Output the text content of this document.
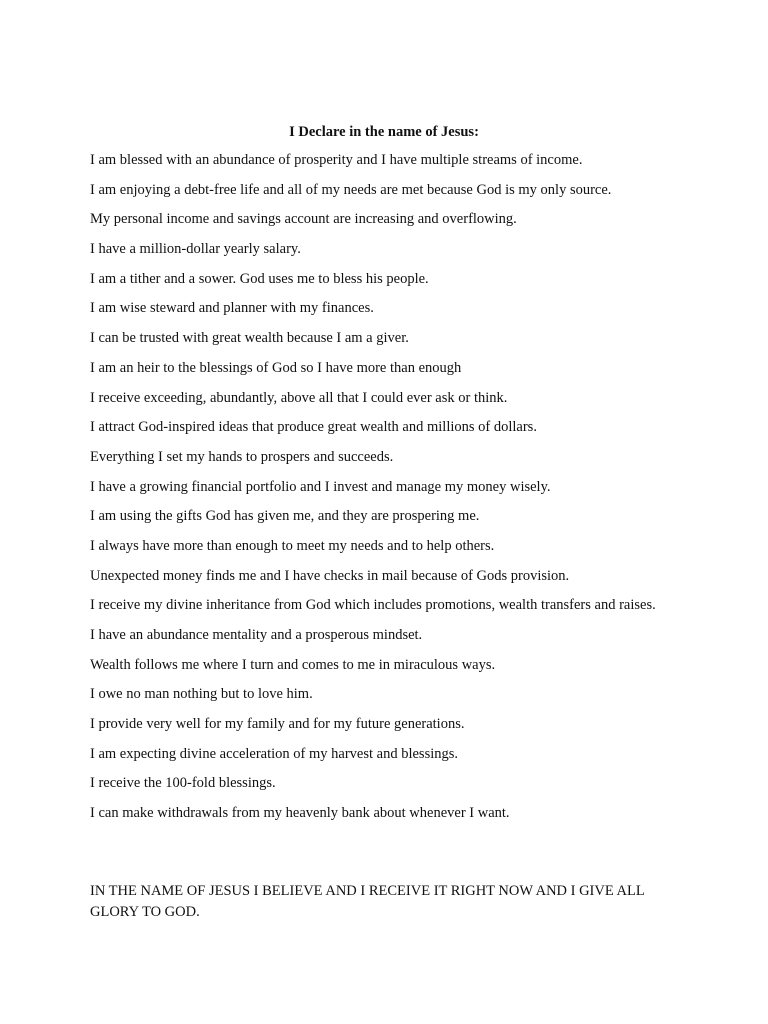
I Declare in the name of Jesus:
I am blessed with an abundance of prosperity and I have multiple streams of income.
I am enjoying a debt-free life and all of my needs are met because God is my only source.
My personal income and savings account are increasing and overflowing.
I have a million-dollar yearly salary.
I am a tither and a sower. God uses me to bless his people.
I am wise steward and planner with my finances.
I can be trusted with great wealth because I am a giver.
I am an heir to the blessings of God so I have more than enough
I receive exceeding, abundantly, above all that I could ever ask or think.
I attract God-inspired ideas that produce great wealth and millions of dollars.
Everything I set my hands to prospers and succeeds.
I have a growing financial portfolio and I invest and manage my money wisely.
I am using the gifts God has given me, and they are prospering me.
I always have more than enough to meet my needs and to help others.
Unexpected money finds me and I have checks in mail because of Gods provision.
I receive my divine inheritance from God which includes promotions, wealth transfers and raises.
I have an abundance mentality and a prosperous mindset.
Wealth follows me where I turn and comes to me in miraculous ways.
I owe no man nothing but to love him.
I provide very well for my family and for my future generations.
I am expecting divine acceleration of my harvest and blessings.
I receive the 100-fold blessings.
I can make withdrawals from my heavenly bank about whenever I want.

IN THE NAME OF JESUS I BELIEVE AND I RECEIVE IT RIGHT NOW AND I GIVE ALL GLORY TO GOD.
